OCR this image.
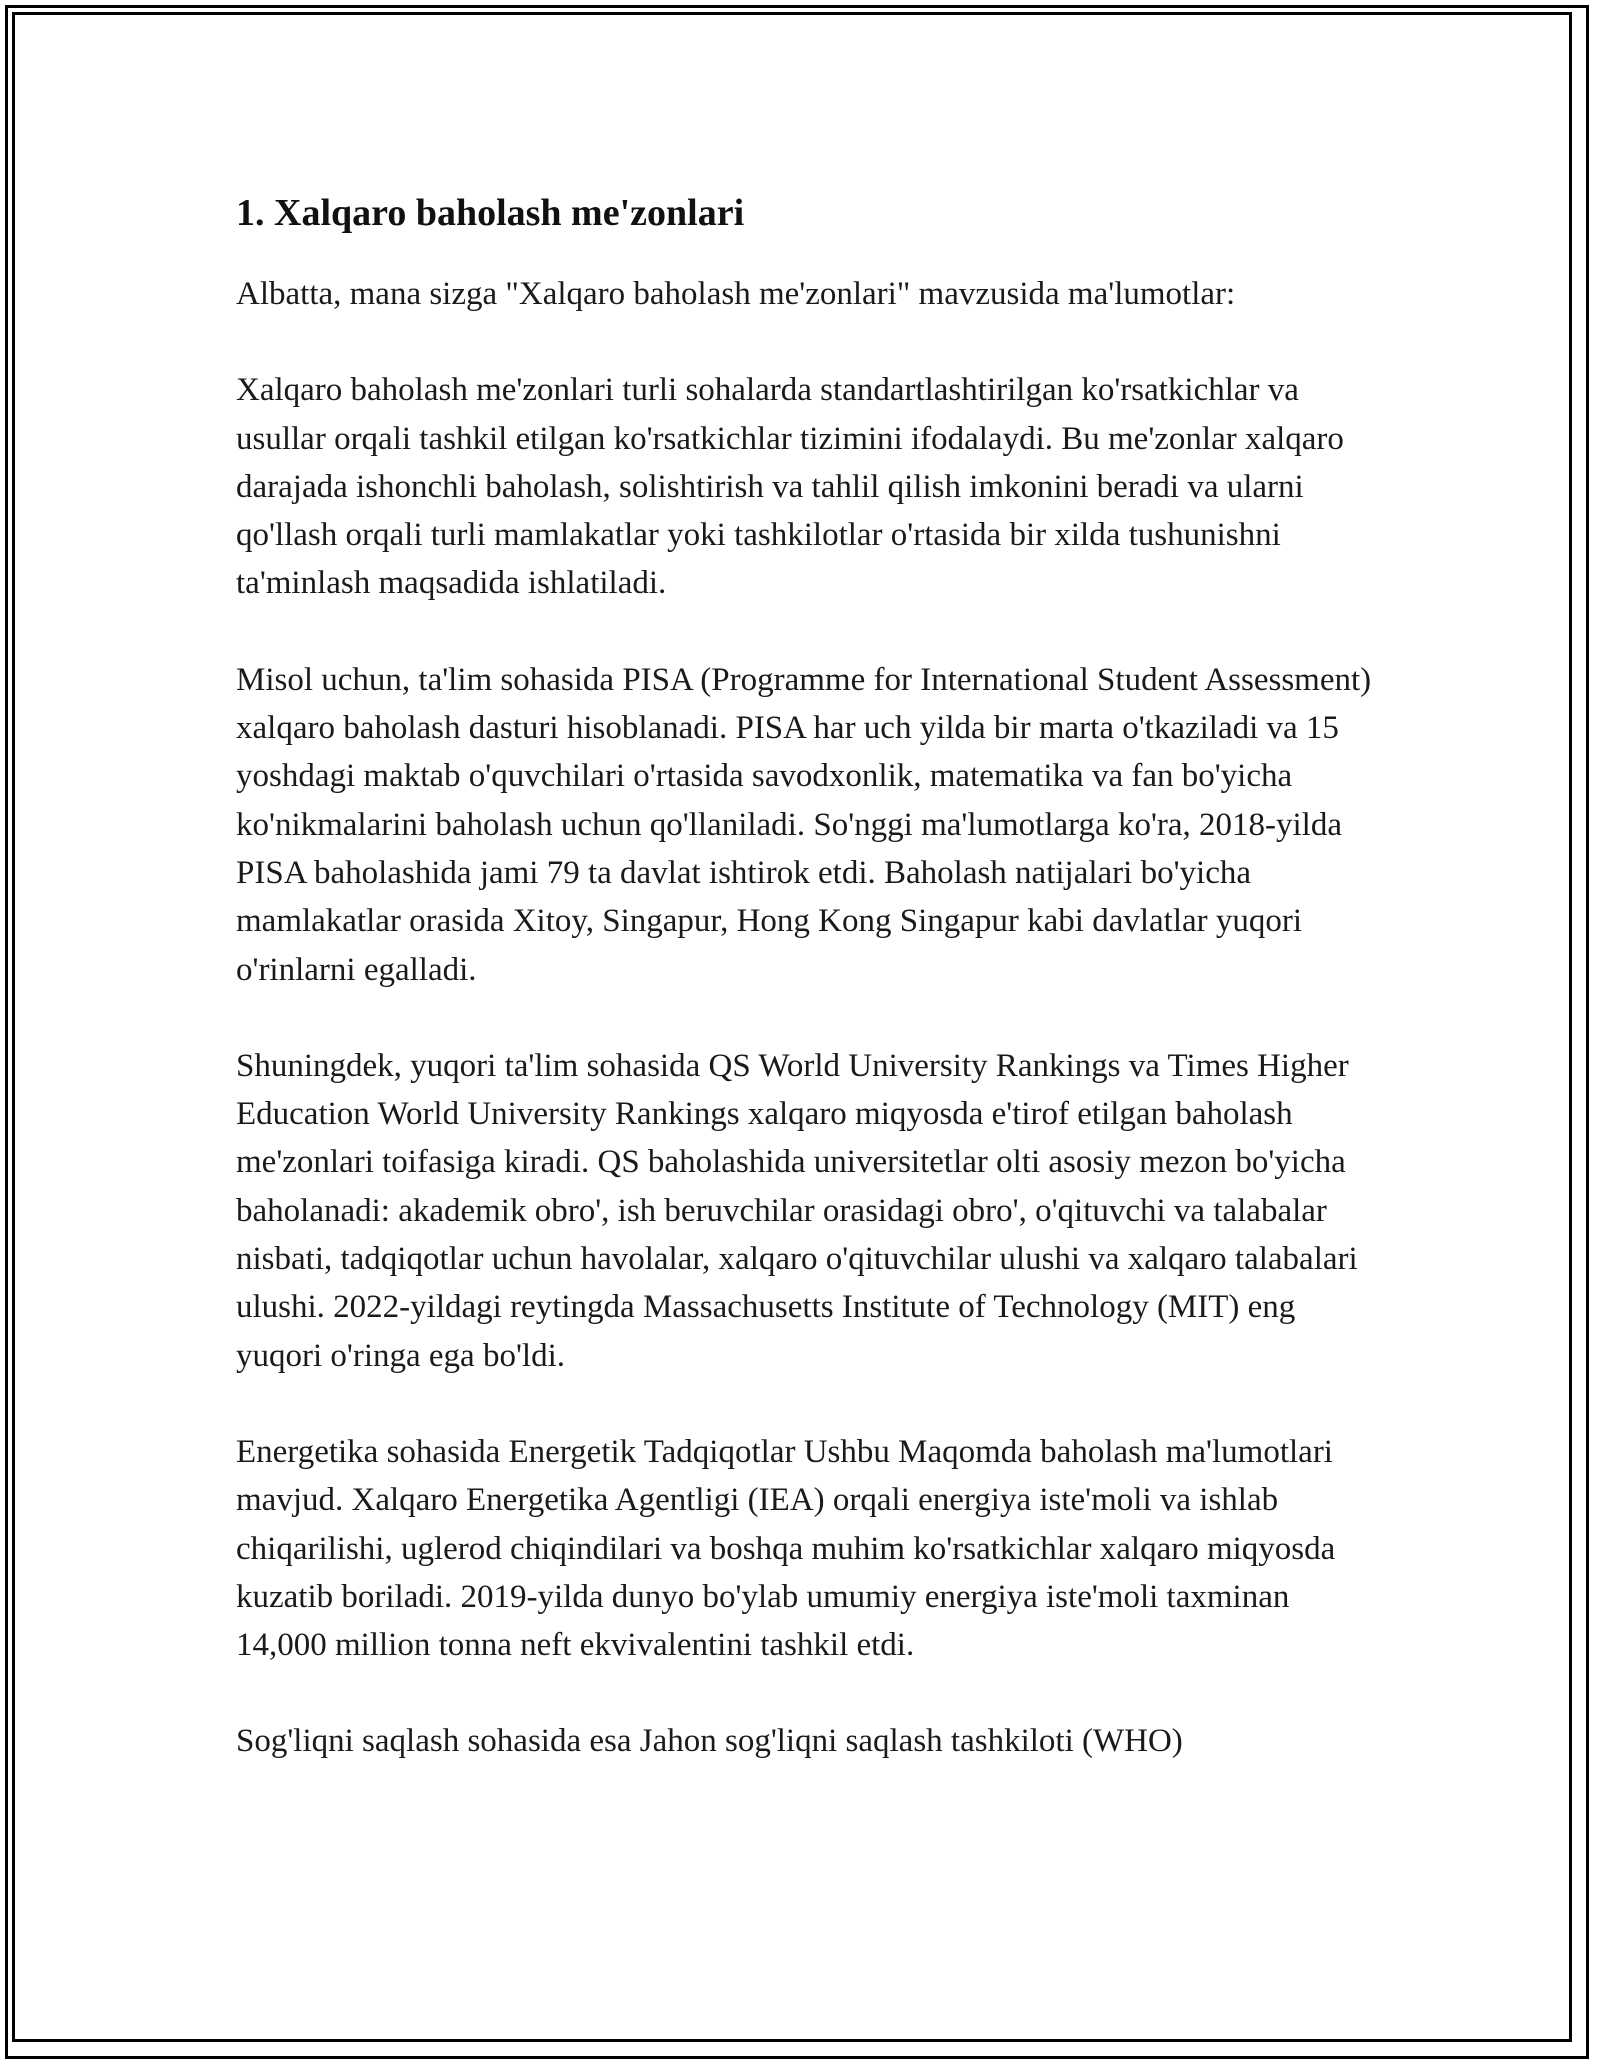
1. Xalqaro baholash me'zonlari

Albatta, mana sizga "Xalqaro baholash me'zonlari" mavzusida ma'lumotlar:

Xalqaro baholash me'zonlari turli sohalarda standartlashtirilgan ko'rsatkichlar va usullar orqali tashkil etilgan ko'rsatkichlar tizimini ifodalaydi. Bu me'zonlar xalqaro darajada ishonchli baholash, solishtirish va tahlil qilish imkonini beradi va ularni qo'llash orqali turli mamlakatlar yoki tashkilotlar o'rtasida bir xilda tushunishni ta'minlash maqsadida ishlatiladi.

Misol uchun, ta'lim sohasida PISA (Programme for International Student Assessment) xalqaro baholash dasturi hisoblanadi. PISA har uch yilda bir marta o'tkaziladi va 15 yoshdagi maktab o'quvchilari o'rtasida savodxonlik, matematika va fan bo'yicha ko'nikmalarini baholash uchun qo'llaniladi. So'nggi ma'lumotlarga ko'ra, 2018-yilda PISA baholashida jami 79 ta davlat ishtirok etdi. Baholash natijalari bo'yicha mamlakatlar orasida Xitoy, Singapur, Hong Kong Singapur kabi davlatlar yuqori o'rinlarni egalladi.

Shuningdek, yuqori ta'lim sohasida QS World University Rankings va Times Higher Education World University Rankings xalqaro miqyosda e'tirof etilgan baholash me'zonlari toifasiga kiradi. QS baholashida universitetlar olti asosiy mezon bo'yicha baholanadi: akademik obro', ish beruvchilar orasidagi obro', o'qituvchi va talabalar nisbati, tadqiqotlar uchun havolalar, xalqaro o'qituvchilar ulushi va xalqaro talabalari ulushi. 2022-yildagi reytingda Massachusetts Institute of Technology (MIT) eng yuqori o'ringa ega bo'ldi.

Energetika sohasida Energetik Tadqiqotlar Ushbu Maqomda baholash ma'lumotlari mavjud. Xalqaro Energetika Agentligi (IEA) orqali energiya iste'moli va ishlab chiqarilishi, uglerod chiqindilari va boshqa muhim ko'rsatkichlar xalqaro miqyosda kuzatib boriladi. 2019-yilda dunyo bo'ylab umumiy energiya iste'moli taxminan 14,000 million tonna neft ekvivalentini tashkil etdi.

Sog'liqni saqlash sohasida esa Jahon sog'liqni saqlash tashkiloti (WHO)
